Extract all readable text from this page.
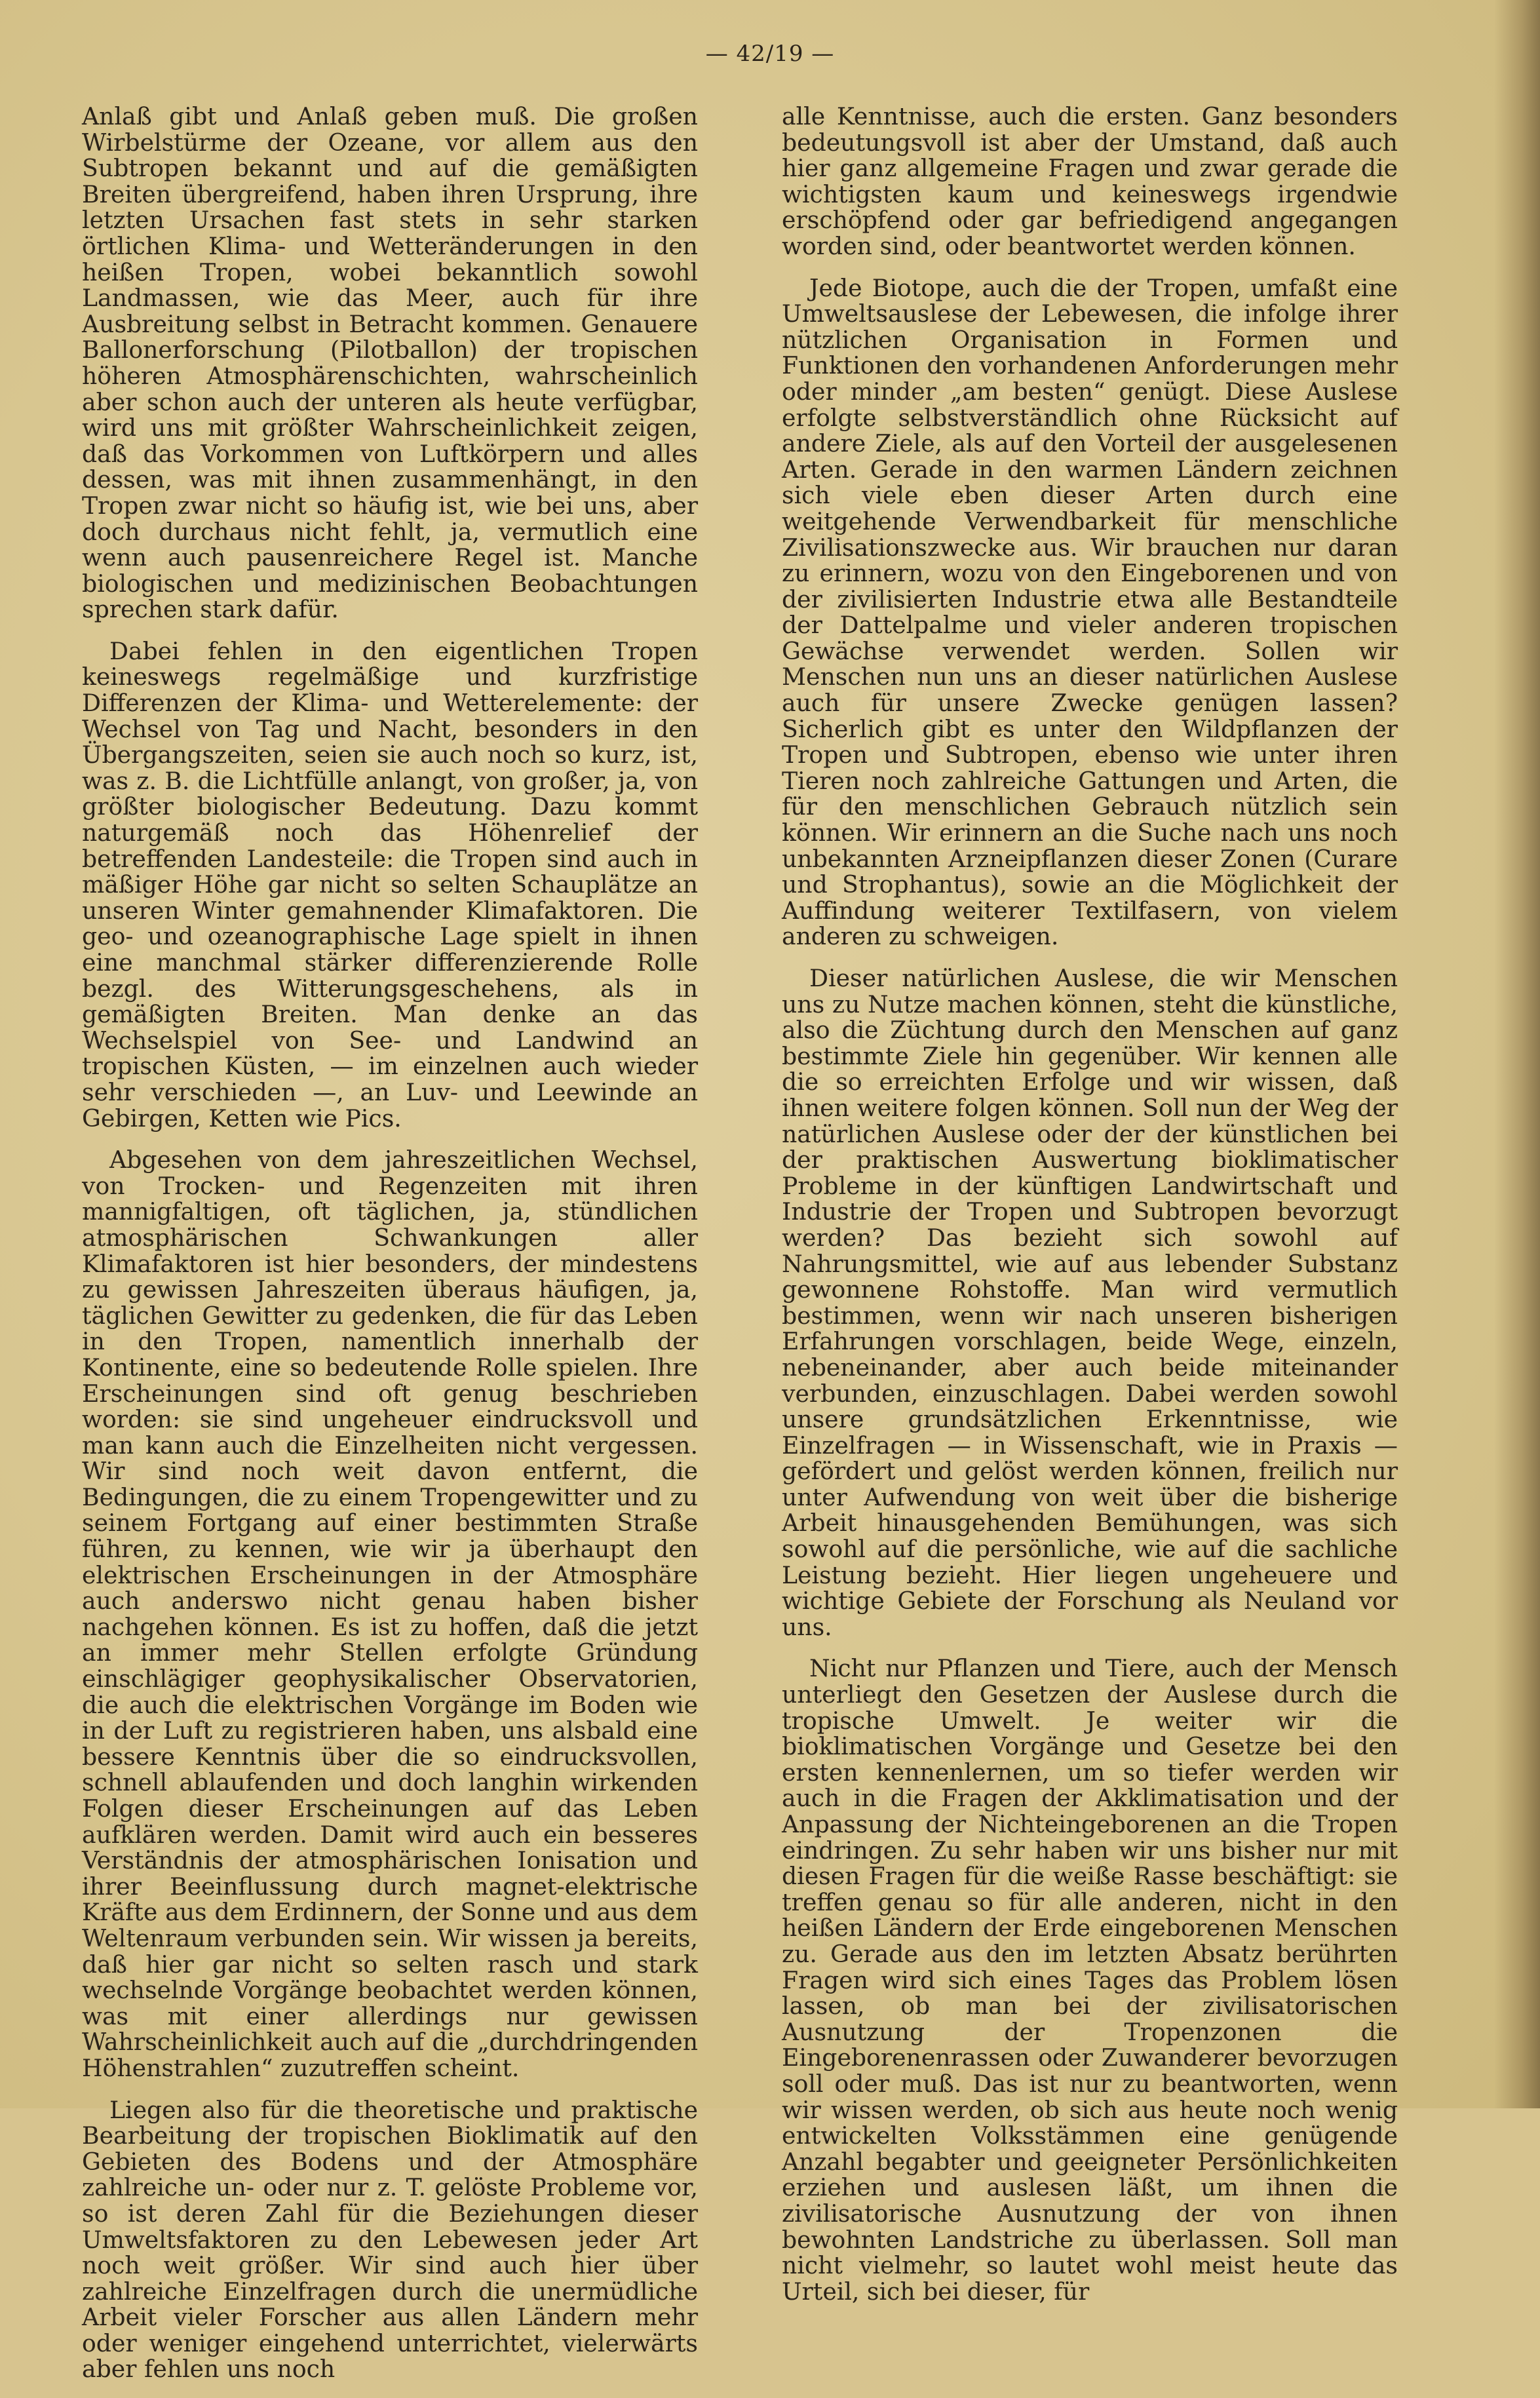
— 42/19 —

Anlaß gibt und Anlaß geben muß. Die großen Wirbelstürme der Ozeane, vor allem aus den Subtropen bekannt und auf die gemäßigten Breiten übergreifend, haben ihren Ursprung, ihre letzten Ursachen fast stets in sehr starken örtlichen Klima- und Wetteränderungen in den heißen Tropen, wobei bekanntlich sowohl Landmassen, wie das Meer, auch für ihre Ausbreitung selbst in Betracht kommen. Genauere Ballonerforschung (Pilotballon) der tropischen höheren Atmosphärenschichten, wahrscheinlich aber schon auch der unteren als heute verfügbar, wird uns mit größter Wahrscheinlichkeit zeigen, daß das Vorkommen von Luftkörpern und alles dessen, was mit ihnen zusammenhängt, in den Tropen zwar nicht so häufig ist, wie bei uns, aber doch durchaus nicht fehlt, ja, vermutlich eine wenn auch pausenreichere Regel ist. Manche biologischen und medizinischen Beobachtungen sprechen stark dafür.

Dabei fehlen in den eigentlichen Tropen keineswegs regelmäßige und kurzfristige Differenzen der Klima- und Wetterelemente: der Wechsel von Tag und Nacht, besonders in den Übergangszeiten, seien sie auch noch so kurz, ist, was z. B. die Lichtfülle anlangt, von großer, ja, von größter biologischer Bedeutung. Dazu kommt naturgemäß noch das Höhenrelief der betreffenden Landesteile: die Tropen sind auch in mäßiger Höhe gar nicht so selten Schauplätze an unseren Winter gemahnender Klimafaktoren. Die geo- und ozeanographische Lage spielt in ihnen eine manchmal stärker differenzierende Rolle bezgl. des Witterungsgeschehens, als in gemäßigten Breiten. Man denke an das Wechselspiel von See- und Landwind an tropischen Küsten, — im einzelnen auch wieder sehr verschieden —, an Luv- und Leewinde an Gebirgen, Ketten wie Pics.

Abgesehen von dem jahreszeitlichen Wechsel, von Trocken- und Regenzeiten mit ihren mannigfaltigen, oft täglichen, ja, stündlichen atmosphärischen Schwankungen aller Klimafaktoren ist hier besonders, der mindestens zu gewissen Jahreszeiten überaus häufigen, ja, täglichen Gewitter zu gedenken, die für das Leben in den Tropen, namentlich innerhalb der Kontinente, eine so bedeutende Rolle spielen. Ihre Erscheinungen sind oft genug beschrieben worden: sie sind ungeheuer eindrucksvoll und man kann auch die Einzelheiten nicht vergessen. Wir sind noch weit davon entfernt, die Bedingungen, die zu einem Tropengewitter und zu seinem Fortgang auf einer bestimmten Straße führen, zu kennen, wie wir ja überhaupt den elektrischen Erscheinungen in der Atmosphäre auch anderswo nicht genau haben bisher nachgehen können. Es ist zu hoffen, daß die jetzt an immer mehr Stellen erfolgte Gründung einschlägiger geophysikalischer Observatorien, die auch die elektrischen Vorgänge im Boden wie in der Luft zu registrieren haben, uns alsbald eine bessere Kenntnis über die so eindrucksvollen, schnell ablaufenden und doch langhin wirkenden Folgen dieser Erscheinungen auf das Leben aufklären werden. Damit wird auch ein besseres Verständnis der atmosphärischen Ionisation und ihrer Beeinflussung durch magnet-elektrische Kräfte aus dem Erdinnern, der Sonne und aus dem Weltenraum verbunden sein. Wir wissen ja bereits, daß hier gar nicht so selten rasch und stark wechselnde Vorgänge beobachtet werden können, was mit einer allerdings nur gewissen Wahrscheinlichkeit auch auf die „durchdringenden Höhenstrahlen“ zuzutreffen scheint.

Liegen also für die theoretische und praktische Bearbeitung der tropischen Bioklimatik auf den Gebieten des Bodens und der Atmosphäre zahlreiche un- oder nur z. T. gelöste Probleme vor, so ist deren Zahl für die Beziehungen dieser Umweltsfaktoren zu den Lebewesen jeder Art noch weit größer. Wir sind auch hier über zahlreiche Einzelfragen durch die unermüdliche Arbeit vieler Forscher aus allen Ländern mehr oder weniger eingehend unterrichtet, vielerwärts aber fehlen uns noch

alle Kenntnisse, auch die ersten. Ganz besonders bedeutungsvoll ist aber der Umstand, daß auch hier ganz allgemeine Fragen und zwar gerade die wichtigsten kaum und keineswegs irgendwie erschöpfend oder gar befriedigend angegangen worden sind, oder beantwortet werden können.

Jede Biotope, auch die der Tropen, umfaßt eine Umweltsauslese der Lebewesen, die infolge ihrer nützlichen Organisation in Formen und Funktionen den vorhandenen Anforderungen mehr oder minder „am besten“ genügt. Diese Auslese erfolgte selbstverständlich ohne Rücksicht auf andere Ziele, als auf den Vorteil der ausgelesenen Arten. Gerade in den warmen Ländern zeichnen sich viele eben dieser Arten durch eine weitgehende Verwendbarkeit für menschliche Zivilisationszwecke aus. Wir brauchen nur daran zu erinnern, wozu von den Eingeborenen und von der zivilisierten Industrie etwa alle Bestandteile der Dattelpalme und vieler anderen tropischen Gewächse verwendet werden. Sollen wir Menschen nun uns an dieser natürlichen Auslese auch für unsere Zwecke genügen lassen? Sicherlich gibt es unter den Wildpflanzen der Tropen und Subtropen, ebenso wie unter ihren Tieren noch zahlreiche Gattungen und Arten, die für den menschlichen Gebrauch nützlich sein können. Wir erinnern an die Suche nach uns noch unbekannten Arzneipflanzen dieser Zonen (Curare und Strophantus), sowie an die Möglichkeit der Auffindung weiterer Textilfasern, von vielem anderen zu schweigen.

Dieser natürlichen Auslese, die wir Menschen uns zu Nutze machen können, steht die künstliche, also die Züchtung durch den Menschen auf ganz bestimmte Ziele hin gegenüber. Wir kennen alle die so erreichten Erfolge und wir wissen, daß ihnen weitere folgen können. Soll nun der Weg der natürlichen Auslese oder der der künstlichen bei der praktischen Auswertung bioklimatischer Probleme in der künftigen Landwirtschaft und Industrie der Tropen und Subtropen bevorzugt werden? Das bezieht sich sowohl auf Nahrungsmittel, wie auf aus lebender Substanz gewonnene Rohstoffe. Man wird vermutlich bestimmen, wenn wir nach unseren bisherigen Erfahrungen vorschlagen, beide Wege, einzeln, nebeneinander, aber auch beide miteinander verbunden, einzuschlagen. Dabei werden sowohl unsere grundsätzlichen Erkenntnisse, wie Einzelfragen — in Wissenschaft, wie in Praxis — gefördert und gelöst werden können, freilich nur unter Aufwendung von weit über die bisherige Arbeit hinausgehenden Bemühungen, was sich sowohl auf die persönliche, wie auf die sachliche Leistung bezieht. Hier liegen ungeheuere und wichtige Gebiete der Forschung als Neuland vor uns.

Nicht nur Pflanzen und Tiere, auch der Mensch unterliegt den Gesetzen der Auslese durch die tropische Umwelt. Je weiter wir die bioklimatischen Vorgänge und Gesetze bei den ersten kennenlernen, um so tiefer werden wir auch in die Fragen der Akklimatisation und der Anpassung der Nichteingeborenen an die Tropen eindringen. Zu sehr haben wir uns bisher nur mit diesen Fragen für die weiße Rasse beschäftigt: sie treffen genau so für alle anderen, nicht in den heißen Ländern der Erde eingeborenen Menschen zu. Gerade aus den im letzten Absatz berührten Fragen wird sich eines Tages das Problem lösen lassen, ob man bei der zivilisatorischen Ausnutzung der Tropenzonen die Eingeborenenrassen oder Zuwanderer bevorzugen soll oder muß. Das ist nur zu beantworten, wenn wir wissen werden, ob sich aus heute noch wenig entwickelten Volksstämmen eine genügende Anzahl begabter und geeigneter Persönlichkeiten erziehen und auslesen läßt, um ihnen die zivilisatorische Ausnutzung der von ihnen bewohnten Landstriche zu überlassen. Soll man nicht vielmehr, so lautet wohl meist heute das Urteil, sich bei dieser, für
